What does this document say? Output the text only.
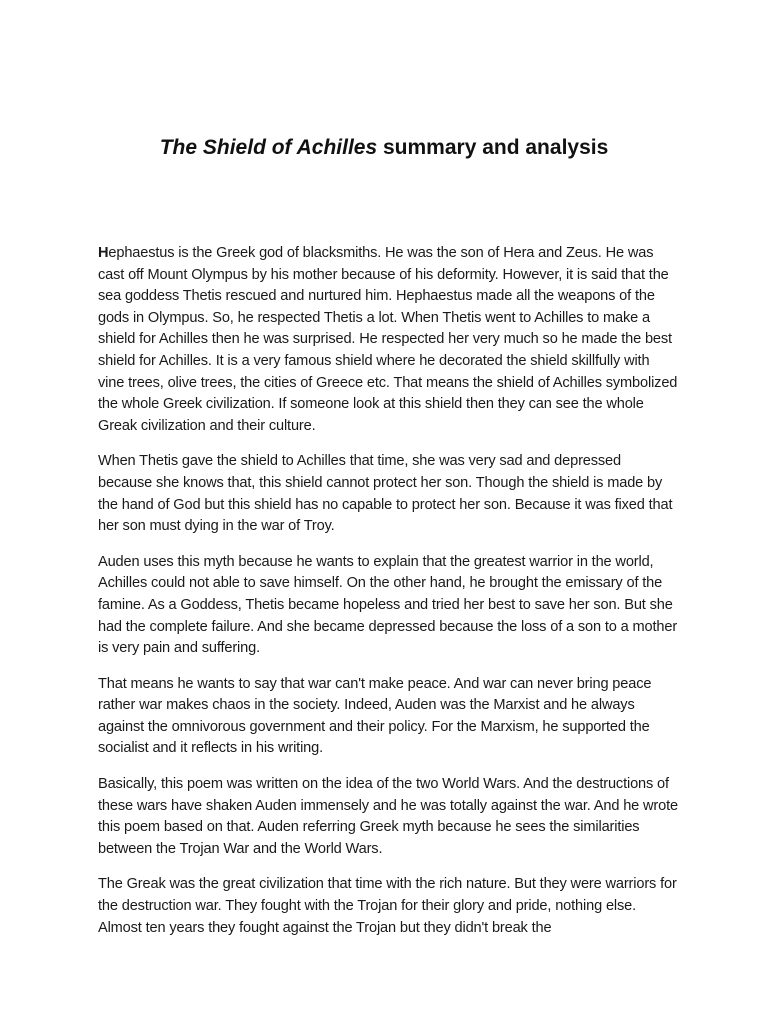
The Shield of Achilles summary and analysis

Hephaestus is the Greek god of blacksmiths. He was the son of Hera and Zeus. He was cast off Mount Olympus by his mother because of his deformity. However, it is said that the sea goddess Thetis rescued and nurtured him. Hephaestus made all the weapons of the gods in Olympus. So, he respected Thetis a lot. When Thetis went to Achilles to make a shield for Achilles then he was surprised. He respected her very much so he made the best shield for Achilles. It is a very famous shield where he decorated the shield skillfully with vine trees, olive trees, the cities of Greece etc. That means the shield of Achilles symbolized the whole Greek civilization. If someone look at this shield then they can see the whole Greak civilization and their culture.

When Thetis gave the shield to Achilles that time, she was very sad and depressed because she knows that, this shield cannot protect her son. Though the shield is made by the hand of God but this shield has no capable to protect her son. Because it was fixed that her son must dying in the war of Troy.

Auden uses this myth because he wants to explain that the greatest warrior in the world, Achilles could not able to save himself. On the other hand, he brought the emissary of the famine. As a Goddess, Thetis became hopeless and tried her best to save her son. But she had the complete failure. And she became depressed because the loss of a son to a mother is very pain and suffering.

That means he wants to say that war can't make peace. And war can never bring peace rather war makes chaos in the society. Indeed, Auden was the Marxist and he always against the omnivorous government and their policy. For the Marxism, he supported the socialist and it reflects in his writing.

Basically, this poem was written on the idea of the two World Wars. And the destructions of these wars have shaken Auden immensely and he was totally against the war. And he wrote this poem based on that. Auden referring Greek myth because he sees the similarities between the Trojan War and the World Wars.

The Greak was the great civilization that time with the rich nature. But they were warriors for the destruction war. They fought with the Trojan for their glory and pride, nothing else. Almost ten years they fought against the Trojan but they didn't break the
